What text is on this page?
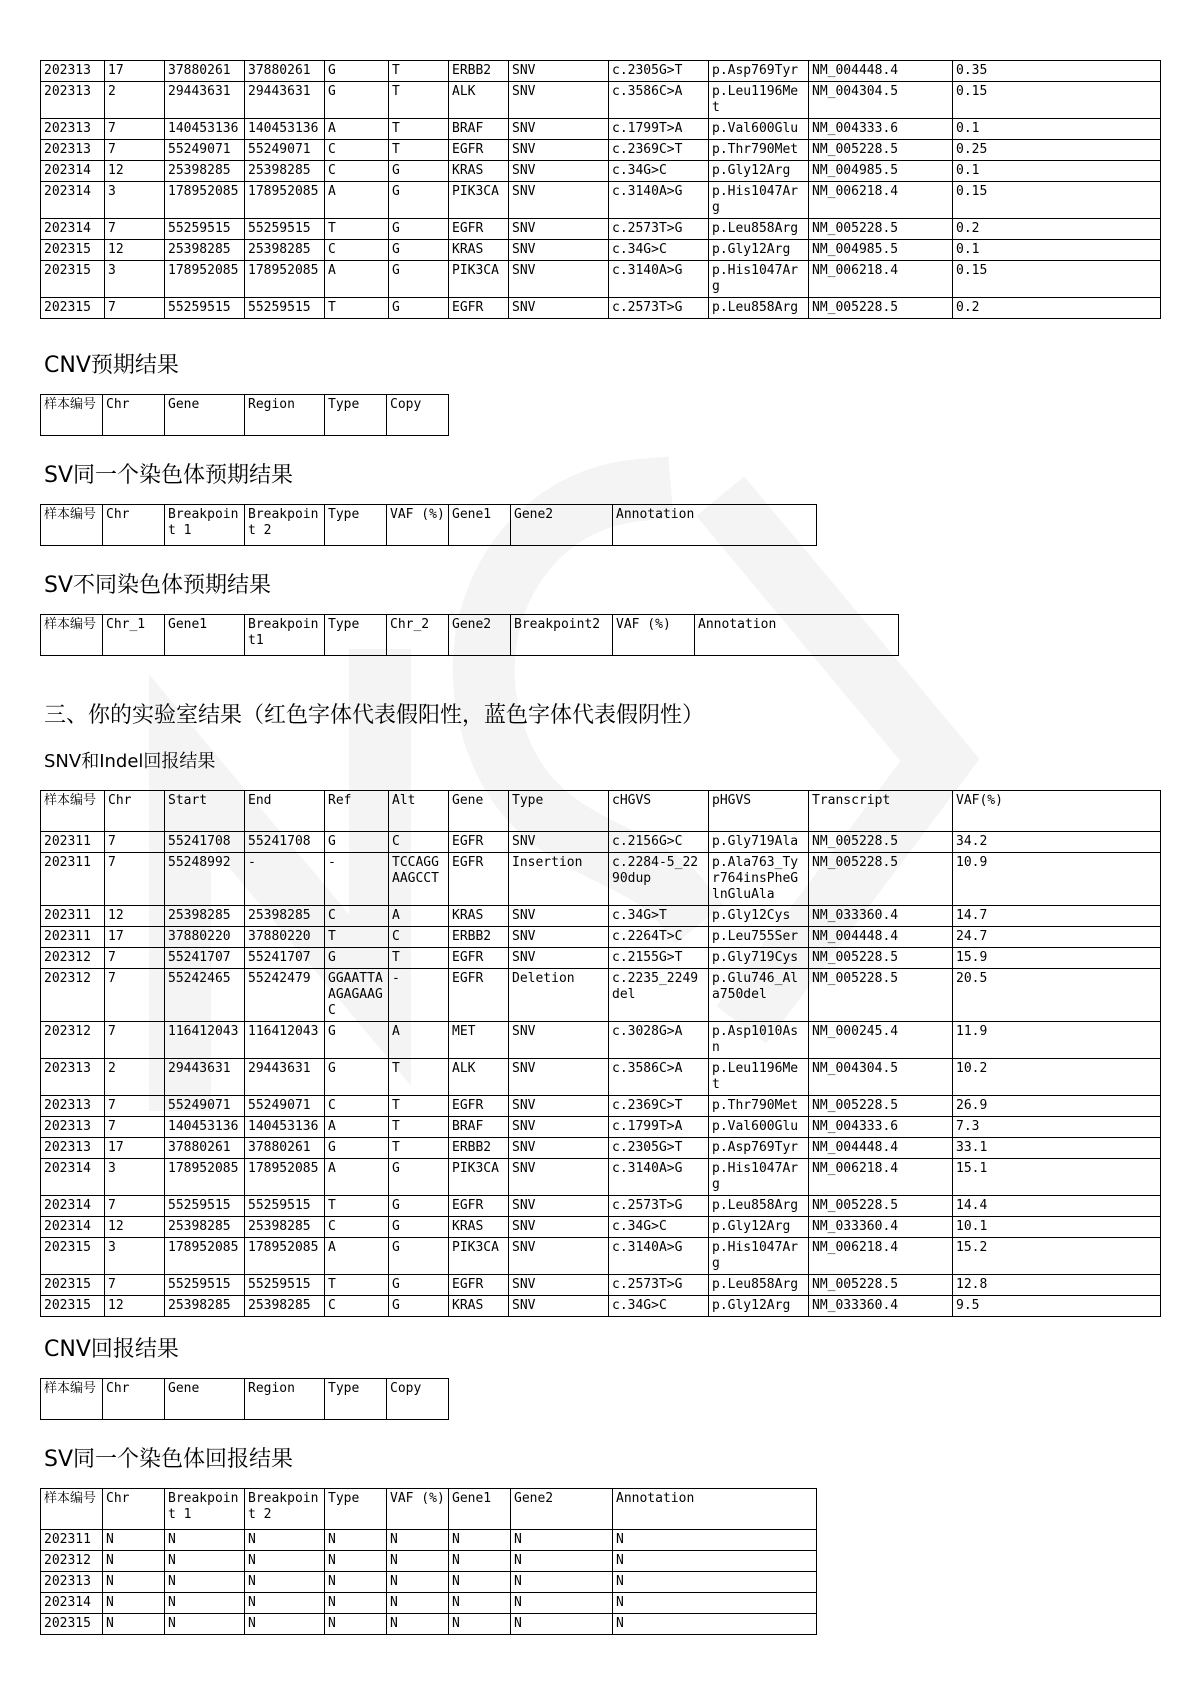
202313	17	37880261	37880261	G	T	ERBB2	SNV	c.2305G>T	p.Asp769Tyr	NM_004448.4	0.35
202313	2	29443631	29443631	G	T	ALK	SNV	c.3586C>A	p.Leu1196Met	NM_004304.5	0.15
202313	7	140453136	140453136	A	T	BRAF	SNV	c.1799T>A	p.Val600Glu	NM_004333.6	0.1
202313	7	55249071	55249071	C	T	EGFR	SNV	c.2369C>T	p.Thr790Met	NM_005228.5	0.25
202314	12	25398285	25398285	C	G	KRAS	SNV	c.34G>C	p.Gly12Arg	NM_004985.5	0.1
202314	3	178952085	178952085	A	G	PIK3CA	SNV	c.3140A>G	p.His1047Arg	NM_006218.4	0.15
202314	7	55259515	55259515	T	G	EGFR	SNV	c.2573T>G	p.Leu858Arg	NM_005228.5	0.2
202315	12	25398285	25398285	C	G	KRAS	SNV	c.34G>C	p.Gly12Arg	NM_004985.5	0.1
202315	3	178952085	178952085	A	G	PIK3CA	SNV	c.3140A>G	p.His1047Arg	NM_006218.4	0.15
202315	7	55259515	55259515	T	G	EGFR	SNV	c.2573T>G	p.Leu858Arg	NM_005228.5	0.2
CNV预期结果
样本编号	Chr	Gene	Region	Type	Copy
SV同一个染色体预期结果
样本编号	Chr	Breakpoint 1	Breakpoint 2	Type	VAF (%)	Gene1	Gene2	Annotation
SV不同染色体预期结果
样本编号	Chr_1	Gene1	Breakpoint1	Type	Chr_2	Gene2	Breakpoint2	VAF (%)	Annotation
三、你的实验室结果（红色字体代表假阳性，蓝色字体代表假阴性）
SNV和Indel回报结果
样本编号	Chr	Start	End	Ref	Alt	Gene	Type	cHGVS	pHGVS	Transcript	VAF(%)
202311	7	55241708	55241708	G	C	EGFR	SNV	c.2156G>C	p.Gly719Ala	NM_005228.5	34.2
202311	7	55248992	-	-	TCCAGGAAGCCT	EGFR	Insertion	c.2284-5_2290dup	p.Ala763_Tyr764insPheGlnGluAla	NM_005228.5	10.9
202311	12	25398285	25398285	C	A	KRAS	SNV	c.34G>T	p.Gly12Cys	NM_033360.4	14.7
202311	17	37880220	37880220	T	C	ERBB2	SNV	c.2264T>C	p.Leu755Ser	NM_004448.4	24.7
202312	7	55241707	55241707	G	T	EGFR	SNV	c.2155G>T	p.Gly719Cys	NM_005228.5	15.9
202312	7	55242465	55242479	GGAATTAAGAGAAGC	-	EGFR	Deletion	c.2235_2249del	p.Glu746_Ala750del	NM_005228.5	20.5
202312	7	116412043	116412043	G	A	MET	SNV	c.3028G>A	p.Asp1010Asn	NM_000245.4	11.9
202313	2	29443631	29443631	G	T	ALK	SNV	c.3586C>A	p.Leu1196Met	NM_004304.5	10.2
202313	7	55249071	55249071	C	T	EGFR	SNV	c.2369C>T	p.Thr790Met	NM_005228.5	26.9
202313	7	140453136	140453136	A	T	BRAF	SNV	c.1799T>A	p.Val600Glu	NM_004333.6	7.3
202313	17	37880261	37880261	G	T	ERBB2	SNV	c.2305G>T	p.Asp769Tyr	NM_004448.4	33.1
202314	3	178952085	178952085	A	G	PIK3CA	SNV	c.3140A>G	p.His1047Arg	NM_006218.4	15.1
202314	7	55259515	55259515	T	G	EGFR	SNV	c.2573T>G	p.Leu858Arg	NM_005228.5	14.4
202314	12	25398285	25398285	C	G	KRAS	SNV	c.34G>C	p.Gly12Arg	NM_033360.4	10.1
202315	3	178952085	178952085	A	G	PIK3CA	SNV	c.3140A>G	p.His1047Arg	NM_006218.4	15.2
202315	7	55259515	55259515	T	G	EGFR	SNV	c.2573T>G	p.Leu858Arg	NM_005228.5	12.8
202315	12	25398285	25398285	C	G	KRAS	SNV	c.34G>C	p.Gly12Arg	NM_033360.4	9.5
CNV回报结果
样本编号	Chr	Gene	Region	Type	Copy
SV同一个染色体回报结果
样本编号	Chr	Breakpoint 1	Breakpoint 2	Type	VAF (%)	Gene1	Gene2	Annotation
202311	N	N	N	N	N	N	N	N
202312	N	N	N	N	N	N	N	N
202313	N	N	N	N	N	N	N	N
202314	N	N	N	N	N	N	N	N
202315	N	N	N	N	N	N	N	N
